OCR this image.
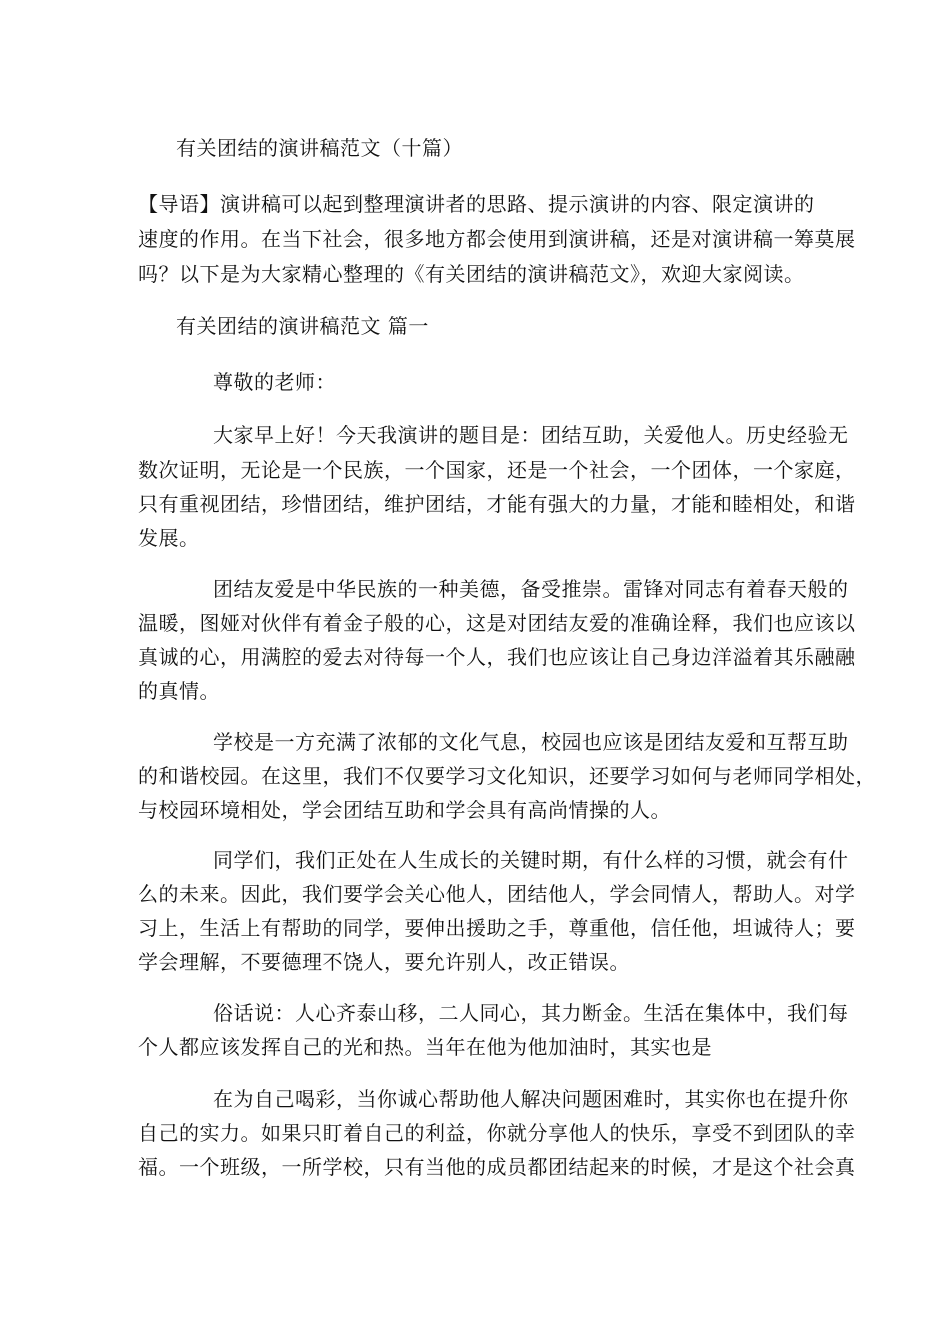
有关团结的演讲稿范文（十篇）
【导语】演讲稿可以起到整理演讲者的思路、提示演讲的内容、限定演讲的
速度的作用。在当下社会，很多地方都会使用到演讲稿，还是对演讲稿一筹莫展
吗？以下是为大家精心整理的《有关团结的演讲稿范文》，欢迎大家阅读。
有关团结的演讲稿范文 篇一
尊敬的老师：
大家早上好！今天我演讲的题目是：团结互助，关爱他人。历史经验无
数次证明，无论是一个民族，一个国家，还是一个社会，一个团体，一个家庭，
只有重视团结，珍惜团结，维护团结，才能有强大的力量，才能和睦相处，和谐
发展。
团结友爱是中华民族的一种美德，备受推崇。雷锋对同志有着春天般的
温暖，图娅对伙伴有着金子般的心，这是对团结友爱的准确诠释，我们也应该以
真诚的心，用满腔的爱去对待每一个人，我们也应该让自己身边洋溢着其乐融融
的真情。
学校是一方充满了浓郁的文化气息，校园也应该是团结友爱和互帮互助
的和谐校园。在这里，我们不仅要学习文化知识，还要学习如何与老师同学相处，
与校园环境相处，学会团结互助和学会具有高尚情操的人。
同学们，我们正处在人生成长的关键时期，有什么样的习惯，就会有什
么的未来。因此，我们要学会关心他人，团结他人，学会同情人，帮助人。对学
习上，生活上有帮助的同学，要伸出援助之手，尊重他，信任他，坦诚待人；要
学会理解，不要德理不饶人，要允许别人，改正错误。
俗话说：人心齐泰山移，二人同心，其力断金。生活在集体中，我们每
个人都应该发挥自己的光和热。当年在他为他加油时，其实也是
在为自己喝彩，当你诚心帮助他人解决问题困难时，其实你也在提升你
自己的实力。如果只盯着自己的利益，你就分享他人的快乐，享受不到团队的幸
福。一个班级，一所学校，只有当他的成员都团结起来的时候，才是这个社会真
